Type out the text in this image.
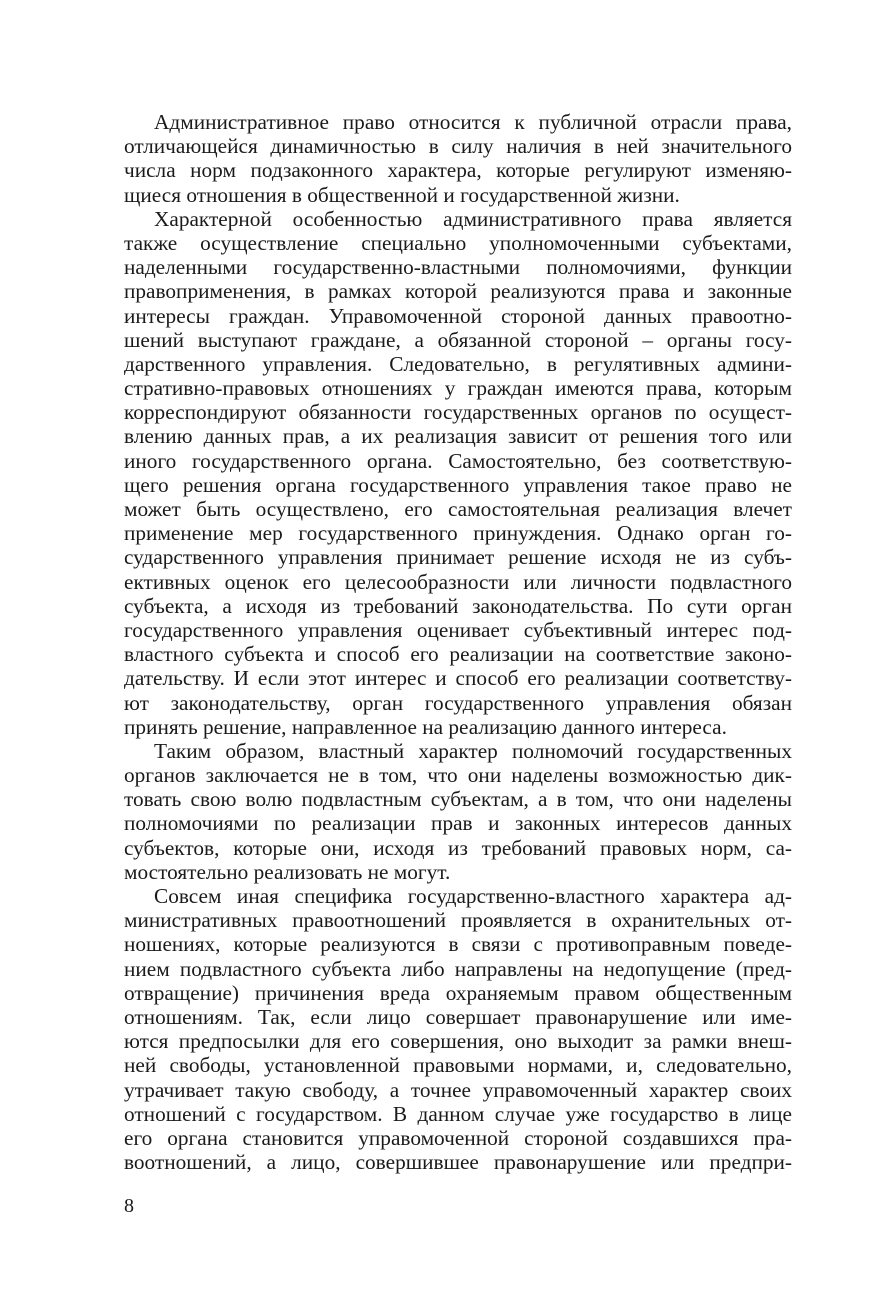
Административное право относится к публичной отрасли права,
отличающейся динамичностью в силу наличия в ней значительного
числа норм подзаконного характера, которые регулируют изменяю-
щиеся отношения в общественной и государственной жизни.
Характерной особенностью административного права является
также осуществление специально уполномоченными субъектами,
наделенными государственно-властными полномочиями, функции
правоприменения, в рамках которой реализуются права и законные
интересы граждан. Управомоченной стороной данных правоотно-
шений выступают граждане, а обязанной стороной – органы госу-
дарственного управления. Следовательно, в регулятивных админи-
стративно-правовых отношениях у граждан имеются права, которым
корреспондируют обязанности государственных органов по осущест-
влению данных прав, а их реализация зависит от решения того или
иного государственного органа. Самостоятельно, без соответствую-
щего решения органа государственного управления такое право не
может быть осуществлено, его самостоятельная реализация влечет
применение мер государственного принуждения. Однако орган го-
сударственного управления принимает решение исходя не из субъ-
ективных оценок его целесообразности или личности подвластного
субъекта, а исходя из требований законодательства. По сути орган
государственного управления оценивает субъективный интерес под-
властного субъекта и способ его реализации на соответствие законо-
дательству. И если этот интерес и способ его реализации соответству-
ют законодательству, орган государственного управления обязан
принять решение, направленное на реализацию данного интереса.
Таким образом, властный характер полномочий государственных
органов заключается не в том, что они наделены возможностью дик-
товать свою волю подвластным субъектам, а в том, что они наделены
полномочиями по реализации прав и законных интересов данных
субъектов, которые они, исходя из требований правовых норм, са-
мостоятельно реализовать не могут.
Совсем иная специфика государственно-властного характера ад-
министративных правоотношений проявляется в охранительных от-
ношениях, которые реализуются в связи с противоправным поведе-
нием подвластного субъекта либо направлены на недопущение (пред-
отвращение) причинения вреда охраняемым правом общественным
отношениям. Так, если лицо совершает правонарушение или име-
ются предпосылки для его совершения, оно выходит за рамки внеш-
ней свободы, установленной правовыми нормами, и, следовательно,
утрачивает такую свободу, а точнее управомоченный характер своих
отношений с государством. В данном случае уже государство в лице
его органа становится управомоченной стороной создавшихся пра-
воотношений, а лицо, совершившее правонарушение или предпри-
8
